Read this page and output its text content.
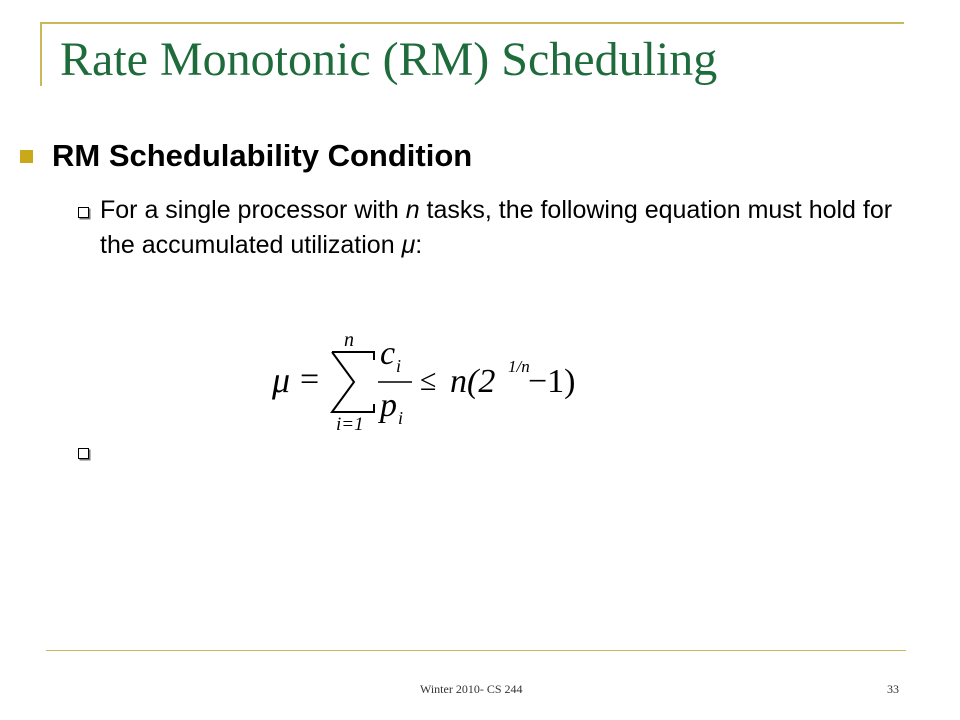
Rate Monotonic (RM) Scheduling
RM Schedulability Condition
For a single processor with n tasks, the following equation must hold for the accumulated utilization μ:
μ =
n
i=1
c i
p i
≤ n(2 1/n
−1)
Winter 2010- CS 244	33
